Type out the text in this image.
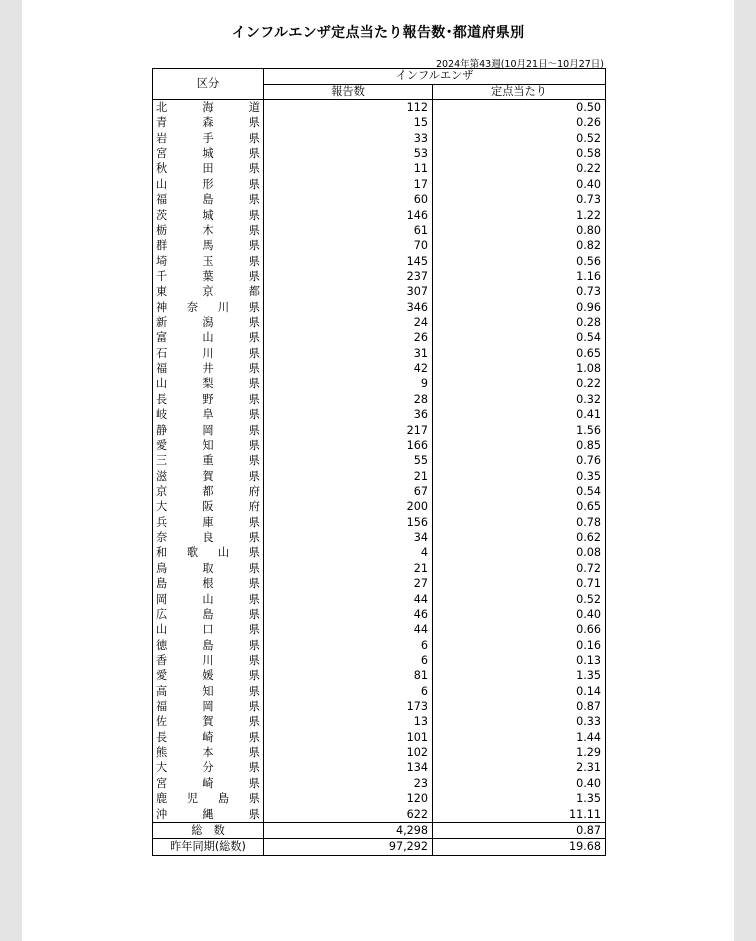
インフルエンザ定点当たり報告数･都道府県別
2024年第43週(10月21日～10月27日)
区分	インフルエンザ	
	報告数	定点当たり

北 海 道	112	0.50

青 森 県	15	0.26

岩 手 県	33	0.52

宮 城 県	53	0.58

秋 田 県	11	0.22

山 形 県	17	0.40

福 島 県	60	0.73

茨 城 県	146	1.22

栃 木 県	61	0.80

群 馬 県	70	0.82

埼 玉 県	145	0.56

千 葉 県	237	1.16

東 京 都	307	0.73

神 奈 川 県	346	0.96

新 潟 県	24	0.28

富 山 県	26	0.54

石 川 県	31	0.65

福 井 県	42	1.08

山 梨 県	9	0.22

長 野 県	28	0.32

岐 阜 県	36	0.41

静 岡 県	217	1.56

愛 知 県	166	0.85

三 重 県	55	0.76

滋 賀 県	21	0.35

京 都 府	67	0.54

大 阪 府	200	0.65

兵 庫 県	156	0.78

奈 良 県	34	0.62

和 歌 山 県	4	0.08

鳥 取 県	21	0.72

島 根 県	27	0.71

岡 山 県	44	0.52

広 島 県	46	0.40

山 口 県	44	0.66

徳 島 県	6	0.16

香 川 県	6	0.13

愛 媛 県	81	1.35

高 知 県	6	0.14

福 岡 県	173	0.87

佐 賀 県	13	0.33

長 崎 県	101	1.44

熊 本 県	102	1.29

大 分 県	134	2.31

宮 崎 県	23	0.40

鹿 児 島 県	120	1.35

沖 縄 県	622	11.11
総　数	4,298	0.87
昨年同期(総数)	97,292	19.68
